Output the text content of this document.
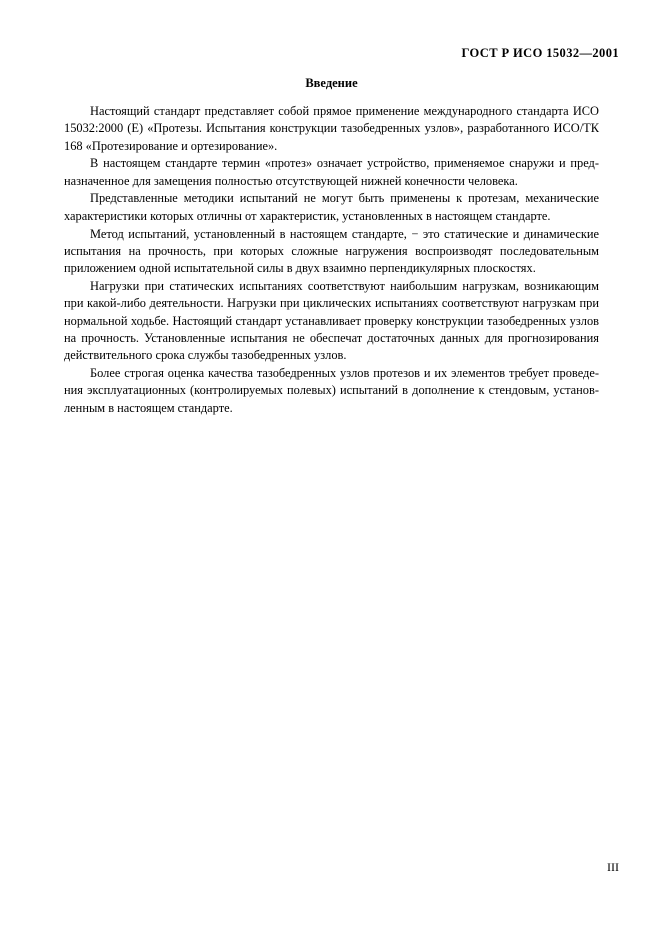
ГОСТ Р ИСО 15032—2001
Введение

Настоящий стандарт представляет собой прямое применение международного стандарта ИСО 15032:2000 (E) «Протезы. Испытания конструкции тазобедренных узлов», разработанного ИСО/ТК 168 «Протезирование и ортезирование».

В настоящем стандарте термин «протез» означает устройство, применяемое снаружи и предназначенное для замещения полностью отсутствующей нижней конечности человека.

Представленные методики испытаний не могут быть применены к протезам, механические характеристики которых отличны от характеристик, установленных в настоящем стандарте.

Метод испытаний, установленный в настоящем стандарте, − это статические и динамические испытания на прочность, при которых сложные нагружения воспроизводят последовательным приложением одной испытательной силы в двух взаимно перпендикулярных плоскостях.

Нагрузки при статических испытаниях соответствуют наибольшим нагрузкам, возникающим при какой-либо деятельности. Нагрузки при циклических испытаниях соответствуют нагрузкам при нормальной ходьбе. Настоящий стандарт устанавливает проверку конструкции тазобедренных узлов на прочность. Установленные испытания не обеспечат достаточных данных для прогнозирования действительного срока службы тазобедренных узлов.

Более строгая оценка качества тазобедренных узлов протезов и их элементов требует проведения эксплуатационных (контролируемых полевых) испытаний в дополнение к стендовым, установленным в настоящем стандарте.

III
